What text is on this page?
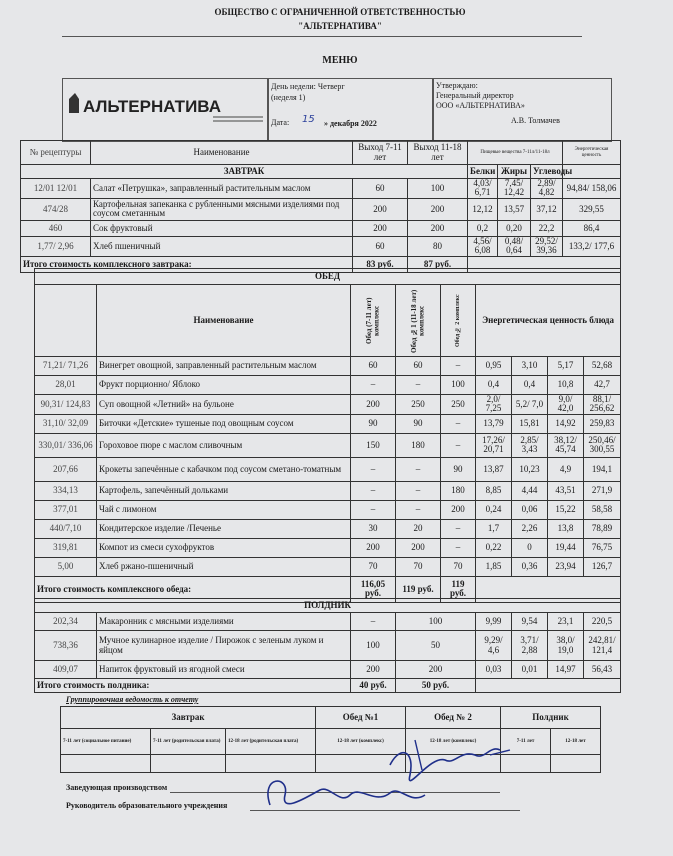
ОБЩЕСТВО С ОГРАНИЧЕННОЙ ОТВЕТСТВЕННОСТЬЮ
"АЛЬТЕРНАТИВА"
МЕНЮ
АЛЬТЕРНАТИВА
День недели: Четверг
(неделя 1)
Дата: 15 » декабря 2022
Утверждаю:
Генеральный директор
ООО «АЛЬТЕРНАТИВА»
А.В. Толмачев
№ рецептуры	Наименование	Выход 7-11 лет	Выход 11-18 лет	Пищевые вещества 7-11л/11-18л			Энергетическая ценность
ЗАВТРАК				Белки	Жиры	Углеводы	
12/01 12/01	Салат «Петрушка», заправленный растительным маслом	60	100	4,03/ 6,71	7,45/ 12,42	2,89/ 4,82	94,84/ 158,06
474/28	Картофельная запеканка с рубленными мясными изделиями под соусом сметанным	200	200	12,12	13,57	37,12	329,55
460	Сок фруктовый	200	200	0,2	0,20	22,2	86,4
1,77/ 2,96	Хлеб пшеничный	60	80	4,56/ 6,08	0,48/ 0,64	29,52/ 39,36	133,2/ 177,6
Итого стоимость комплексного завтрака:		83 руб.	87 руб.				
ОБЕД								
	Наименование	Обед (7-11 лет) комплекс	Обед №1 (11-18 лет) комплекс	Обед № 2 комплекс	Энергетическая ценность блюда			
71,21/ 71,26	Винегрет овощной, заправленный растительным маслом	60	60	–	0,95	3,10	5,17	52,68
28,01	Фрукт порционно/ Яблоко	–	–	100	0,4	0,4	10,8	42,7
90,31/ 124,83	Суп овощной «Летний» на бульоне	200	250	250	2,0/ 7,25	5,2/ 7,0	9,0/ 42,0	88,1/ 256,62
31,10/ 32,09	Биточки «Детские» тушеные под овощным соусом	90	90	–	13,79	15,81	14,92	259,83
330,01/ 336,06	Гороховое пюре с маслом сливочным	150	180	–	17,26/ 20,71	2,85/ 3,43	38,12/ 45,74	250,46/ 300,55
207,66	Крокеты запечённые с кабачком под соусом сметано-томатным	–	–	90	13,87	10,23	4,9	194,1
334,13	Картофель, запечённый дольками	–	–	180	8,85	4,44	43,51	271,9
377,01	Чай с лимоном	–	–	200	0,24	0,06	15,22	58,58
440/7,10	Кондитерское изделие /Печенье	30	20	–	1,7	2,26	13,8	78,89
319,81	Компот из смеси сухофруктов	200	200	–	0,22	0	19,44	76,75
5,00	Хлеб ржано-пшеничный	70	70	70	1,85	0,36	23,94	126,7
Итого стоимость комплексного обеда:		116,05 руб.	119 руб.	119 руб.				
ПОЛДНИК							
202,34	Макаронник с мясными изделиями	–	100	9,99	9,54	23,1	220,5
738,36	Мучное кулинарное изделие / Пирожок с зеленым луком и яйцом	100	50	9,29/ 4,6	3,71/ 2,88	38,0/ 19,0	242,81/ 121,4
409,07	Напиток фруктовый из ягодной смеси	200	200	0,03	0,01	14,97	56,43
Итого стоимость полдника:		40 руб.	50 руб.				
Группировочная ведомость к отчету
Завтрак			Обед №1	Обед № 2	Полдник	
7-11 лет (социальное питание)	7-11 лет (родительская плата)	12-18 лет (родительская плата)	12-18 лет (комплекс)	12-18 лет (комплекс)	7-11 лет	12-18 лет

Заведующая производством
Руководитель образовательного учреждения
